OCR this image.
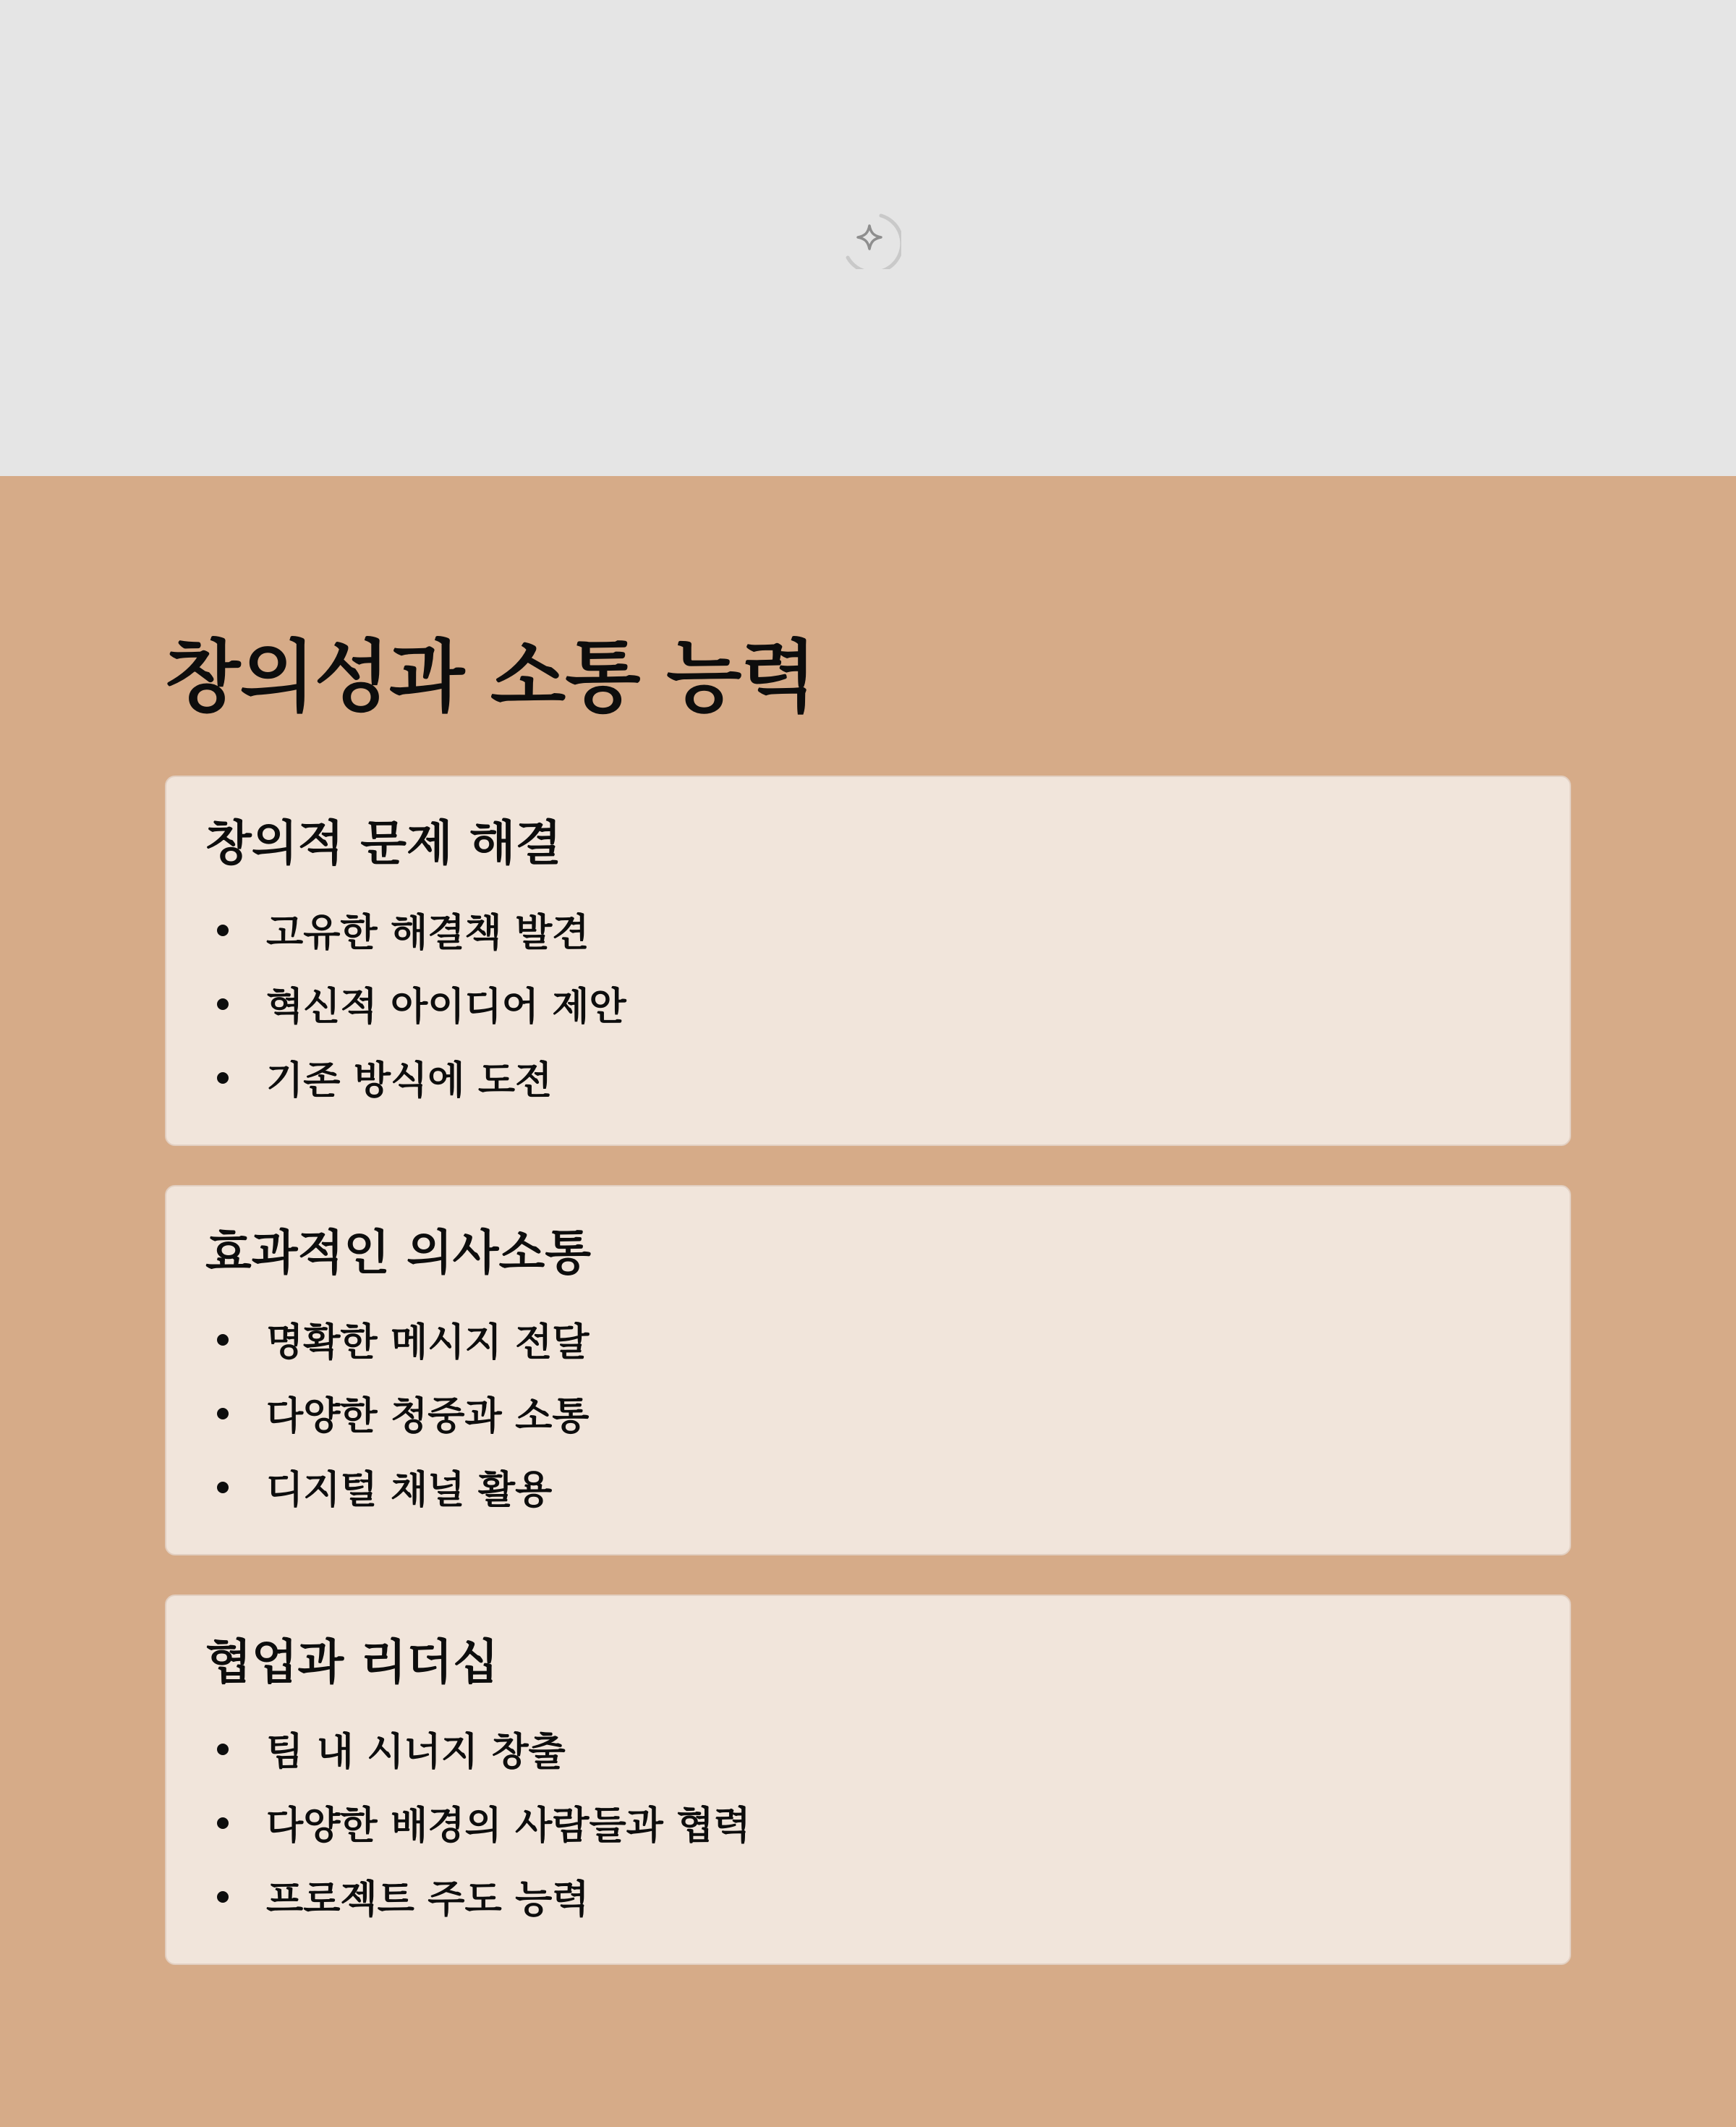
창의성과 소통 능력
창의적 문제 해결
고유한 해결책 발견
혁신적 아이디어 제안
기존 방식에 도전
효과적인 의사소통
명확한 메시지 전달
다양한 청중과 소통
디지털 채널 활용
협업과 리더십
팀 내 시너지 창출
다양한 배경의 사람들과 협력
프로젝트 주도 능력
